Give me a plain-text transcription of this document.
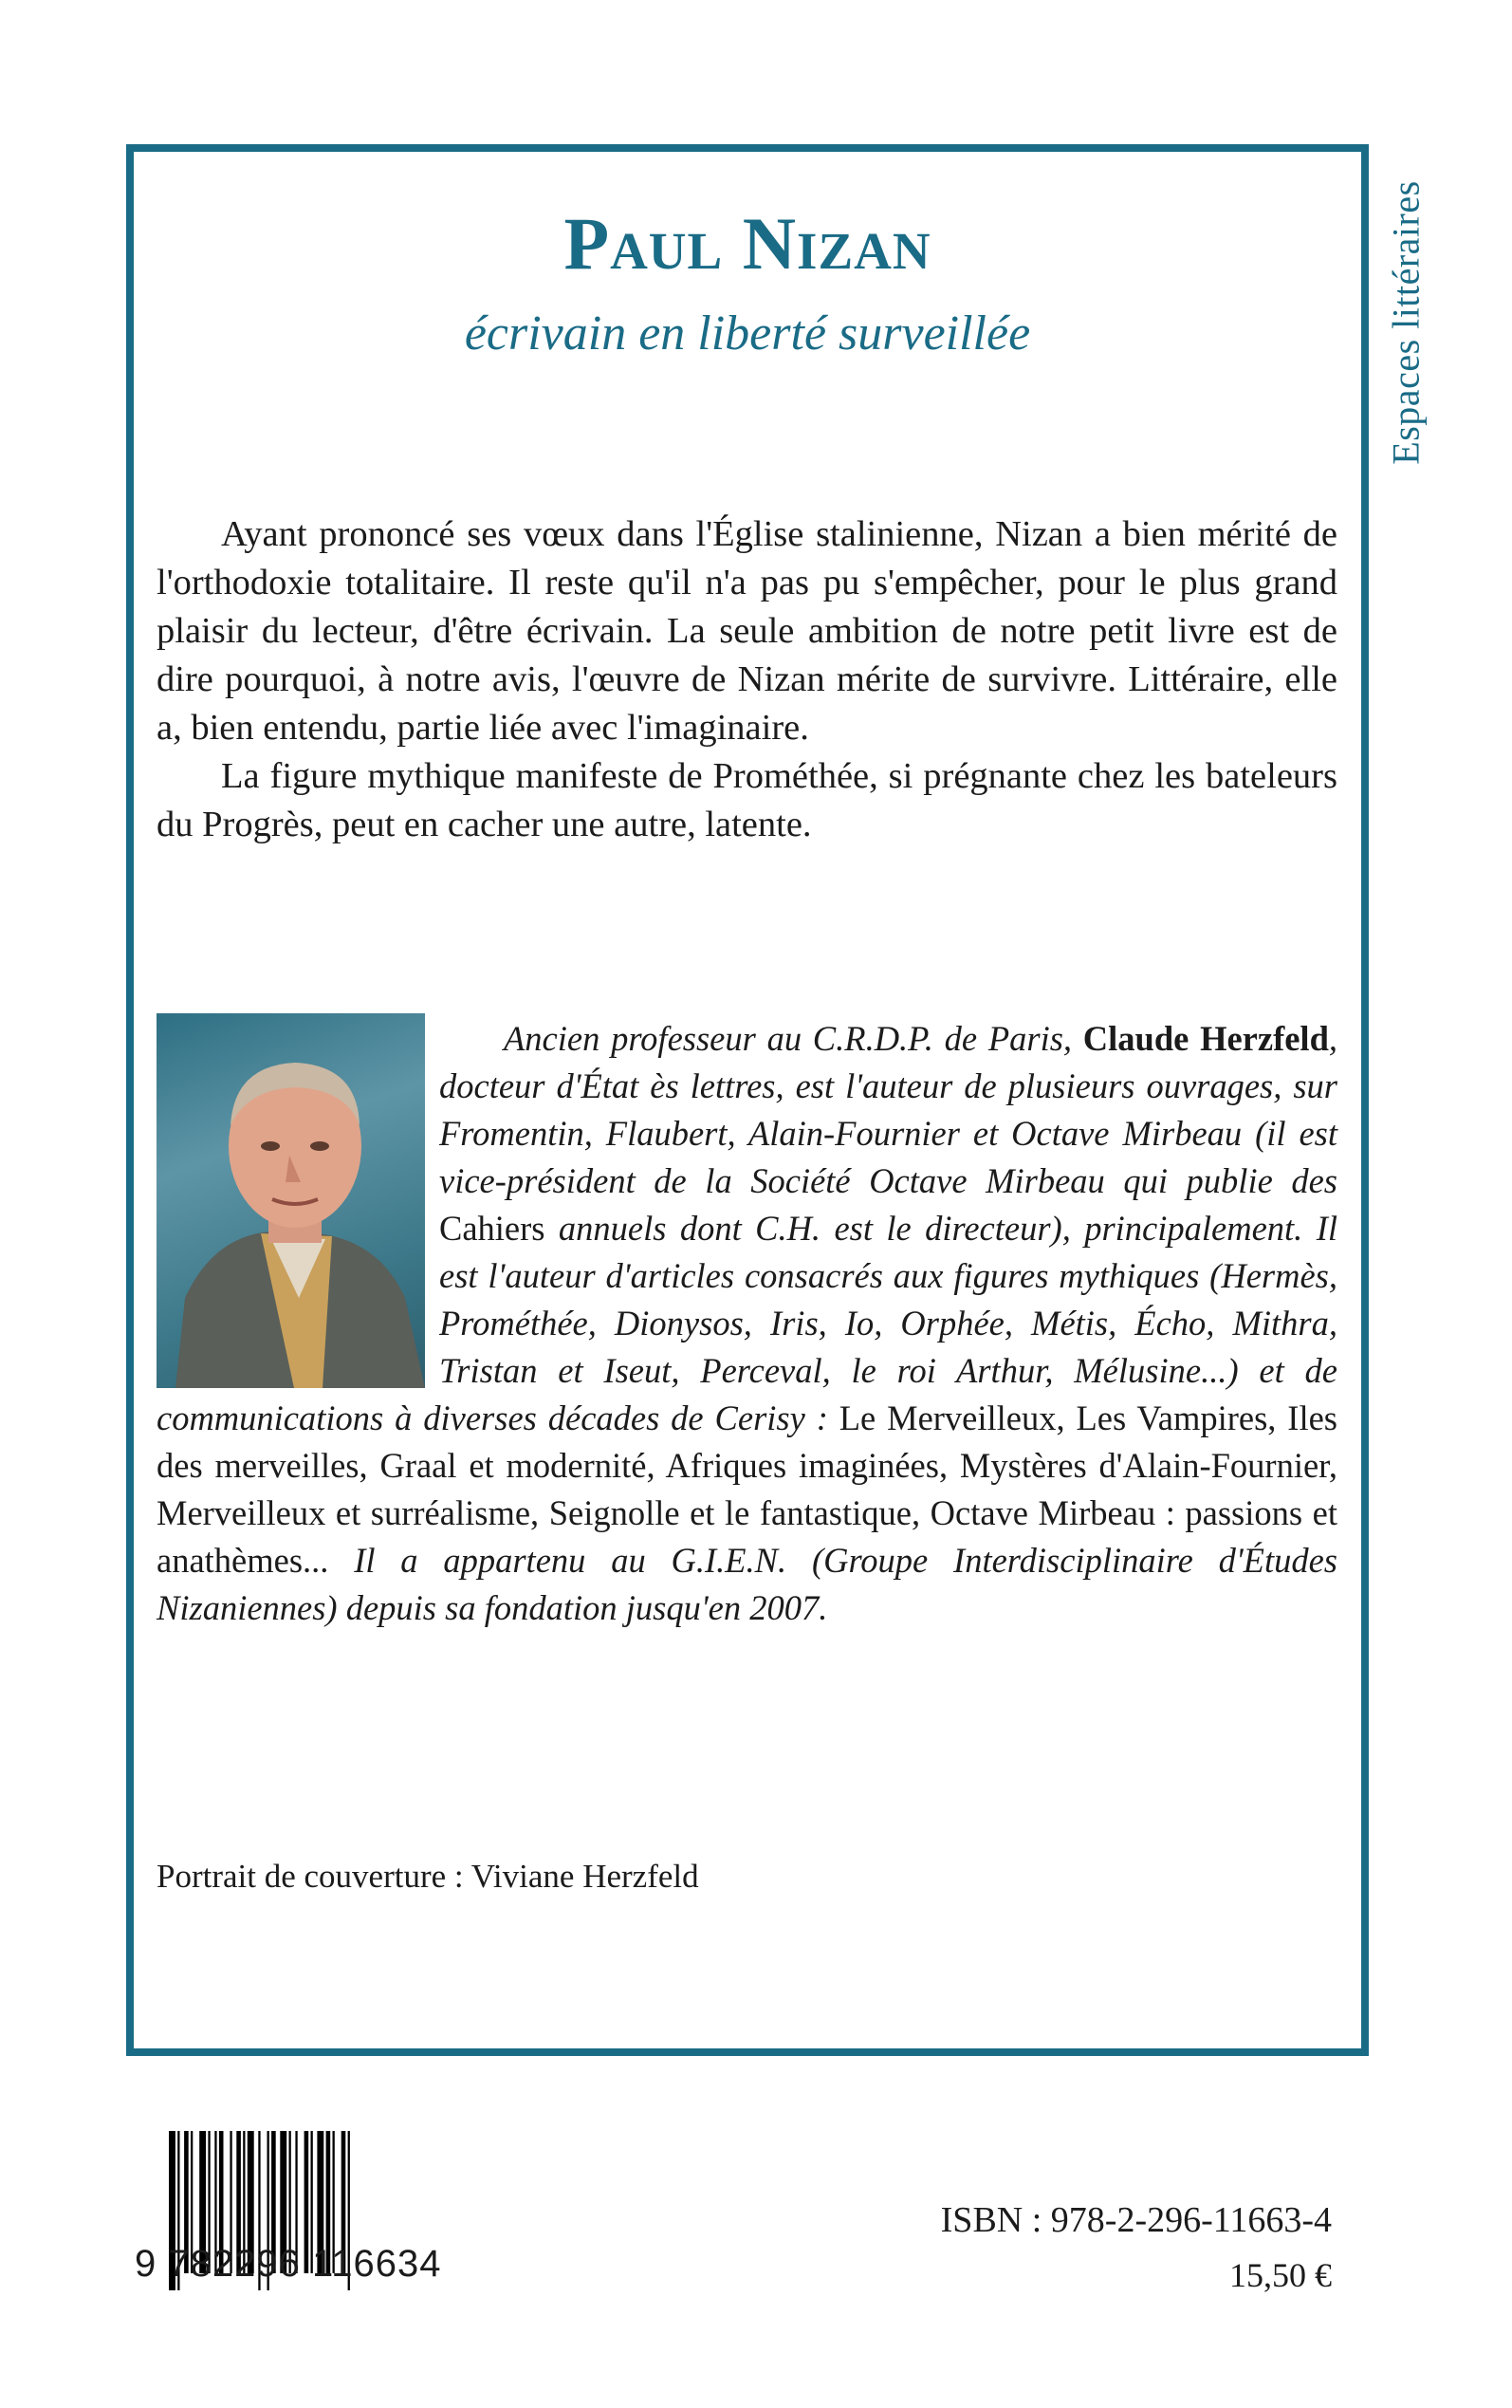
Espaces littéraires
Paul Nizan
écrivain en liberté surveillée

Ayant prononcé ses vœux dans l'Église stalinienne, Nizan a bien mérité de l'orthodoxie totalitaire. Il reste qu'il n'a pas pu s'empêcher, pour le plus grand plaisir du lecteur, d'être écrivain. La seule ambition de notre petit livre est de dire pourquoi, à notre avis, l'œuvre de Nizan mérite de survivre. Littéraire, elle a, bien entendu, partie liée avec l'imaginaire.

La figure mythique manifeste de Prométhée, si prégnante chez les bateleurs du Progrès, peut en cacher une autre, latente.

Ancien professeur au C.R.D.P. de Paris, Claude Herzfeld, docteur d'État ès lettres, est l'auteur de plusieurs ouvrages, sur Fromentin, Flaubert, Alain-Fournier et Octave Mirbeau (il est vice-président de la Société Octave Mirbeau qui publie des Cahiers annuels dont C.H. est le directeur), principalement. Il est l'auteur d'articles consacrés aux figures mythiques (Hermès, Prométhée, Dionysos, Iris, Io, Orphée, Métis, Écho, Mithra, Tristan et Iseut, Perceval, le roi Arthur, Mélusine...) et de communications à diverses décades de Cerisy : Le Merveilleux, Les Vampires, Iles des merveilles, Graal et modernité, Afriques imaginées, Mystères d'Alain-Fournier, Merveilleux et surréalisme, Seignolle et le fantastique, Octave Mirbeau : passions et anathèmes... Il a appartenu au G.I.E.N. (Groupe Interdisciplinaire d'Études Nizaniennes) depuis sa fondation jusqu'en 2007.

Portrait de couverture : Viviane Herzfeld
9 782296 116634
ISBN : 978-2-296-11663-4
15,50 €
